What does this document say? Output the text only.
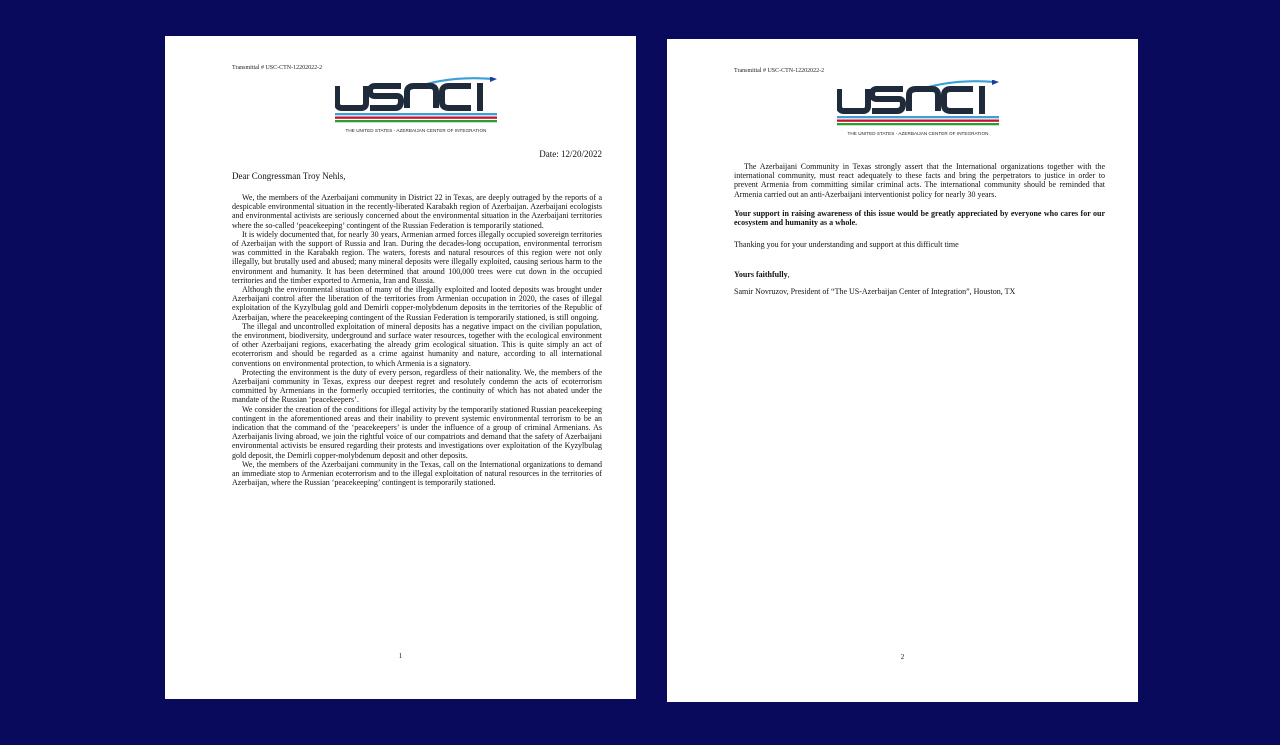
Transmittal # USC-CTN-12202022-2
THE UNITED STATES - AZERBAIJAN CENTER OF INTEGRATION
Date: 12/20/2022
Dear Congressman Troy Nehls,

We, the members of the Azerbaijani community in District 22 in Texas, are deeply outraged by the reports of a despicable environmental situation in the recently-liberated Karabakh region of Azerbaijan. Azerbaijani ecologists and environmental activists are seriously concerned about the environmental situation in the Azerbaijani territories where the so-called ‘peacekeeping’ contingent of the Russian Federation is temporarily stationed.

It is widely documented that, for nearly 30 years, Armenian armed forces illegally occupied sovereign territories of Azerbaijan with the support of Russia and Iran. During the decades-long occupation, environmental terrorism was committed in the Karabakh region. The waters, forests and natural resources of this region were not only illegally, but brutally used and abused; many mineral deposits were illegally exploited, causing serious harm to the environment and humanity. It has been determined that around 100,000 trees were cut down in the occupied territories and the timber exported to Armenia, Iran and Russia.

Although the environmental situation of many of the illegally exploited and looted deposits was brought under Azerbaijani control after the liberation of the territories from Armenian occupation in 2020, the cases of illegal exploitation of the Kyzylbulag gold and Demirli copper-molybdenum deposits in the territories of the Republic of Azerbaijan, where the peacekeeping contingent of the Russian Federation is temporarily stationed, is still ongoing.

The illegal and uncontrolled exploitation of mineral deposits has a negative impact on the civilian population, the environment, biodiversity, underground and surface water resources, together with the ecological environment of other Azerbaijani regions, exacerbating the already grim ecological situation. This is quite simply an act of ecoterrorism and should be regarded as a crime against humanity and nature, according to all international conventions on environmental protection, to which Armenia is a signatory.

Protecting the environment is the duty of every person, regardless of their nationality. We, the members of the Azerbaijani community in Texas, express our deepest regret and resolutely condemn the acts of ecoterrorism committed by Armenians in the formerly occupied territories, the continuity of which has not abated under the mandate of the Russian ‘peacekeepers’.

We consider the creation of the conditions for illegal activity by the temporarily stationed Russian peacekeeping contingent in the aforementioned areas and their inability to prevent systemic environmental terrorism to be an indication that the command of the ‘peacekeepers’ is under the influence of a group of criminal Armenians. As Azerbaijanis living abroad, we join the rightful voice of our compatriots and demand that the safety of Azerbaijani environmental activists be ensured regarding their protests and investigations over exploitation of the Kyzylbulag gold deposit, the Demirli copper-molybdenum deposit and other deposits.

We, the members of the Azerbaijani community in the Texas, call on the International organizations to demand an immediate stop to Armenian ecoterrorism and to the illegal exploitation of natural resources in the territories of Azerbaijan, where the Russian ‘peacekeeping’ contingent is temporarily stationed.

1
Transmittal # USC-CTN-12202022-2
THE UNITED STATES - AZERBAIJAN CENTER OF INTEGRATION

The Azerbaijani Community in Texas strongly assert that the International organizations together with the international community, must react adequately to these facts and bring the perpetrators to justice in order to prevent Armenia from committing similar criminal acts. The international community should be reminded that Armenia carried out an anti-Azerbaijani interventionist policy for nearly 30 years.

Your support in raising awareness of this issue would be greatly appreciated by everyone who cares for our ecosystem and humanity as a whole.

Thanking you for your understanding and support at this difficult time

Yours faithfully,

Samir Novruzov, President of “The US-Azerbaijan Center of Integration”, Houston, TX

2
